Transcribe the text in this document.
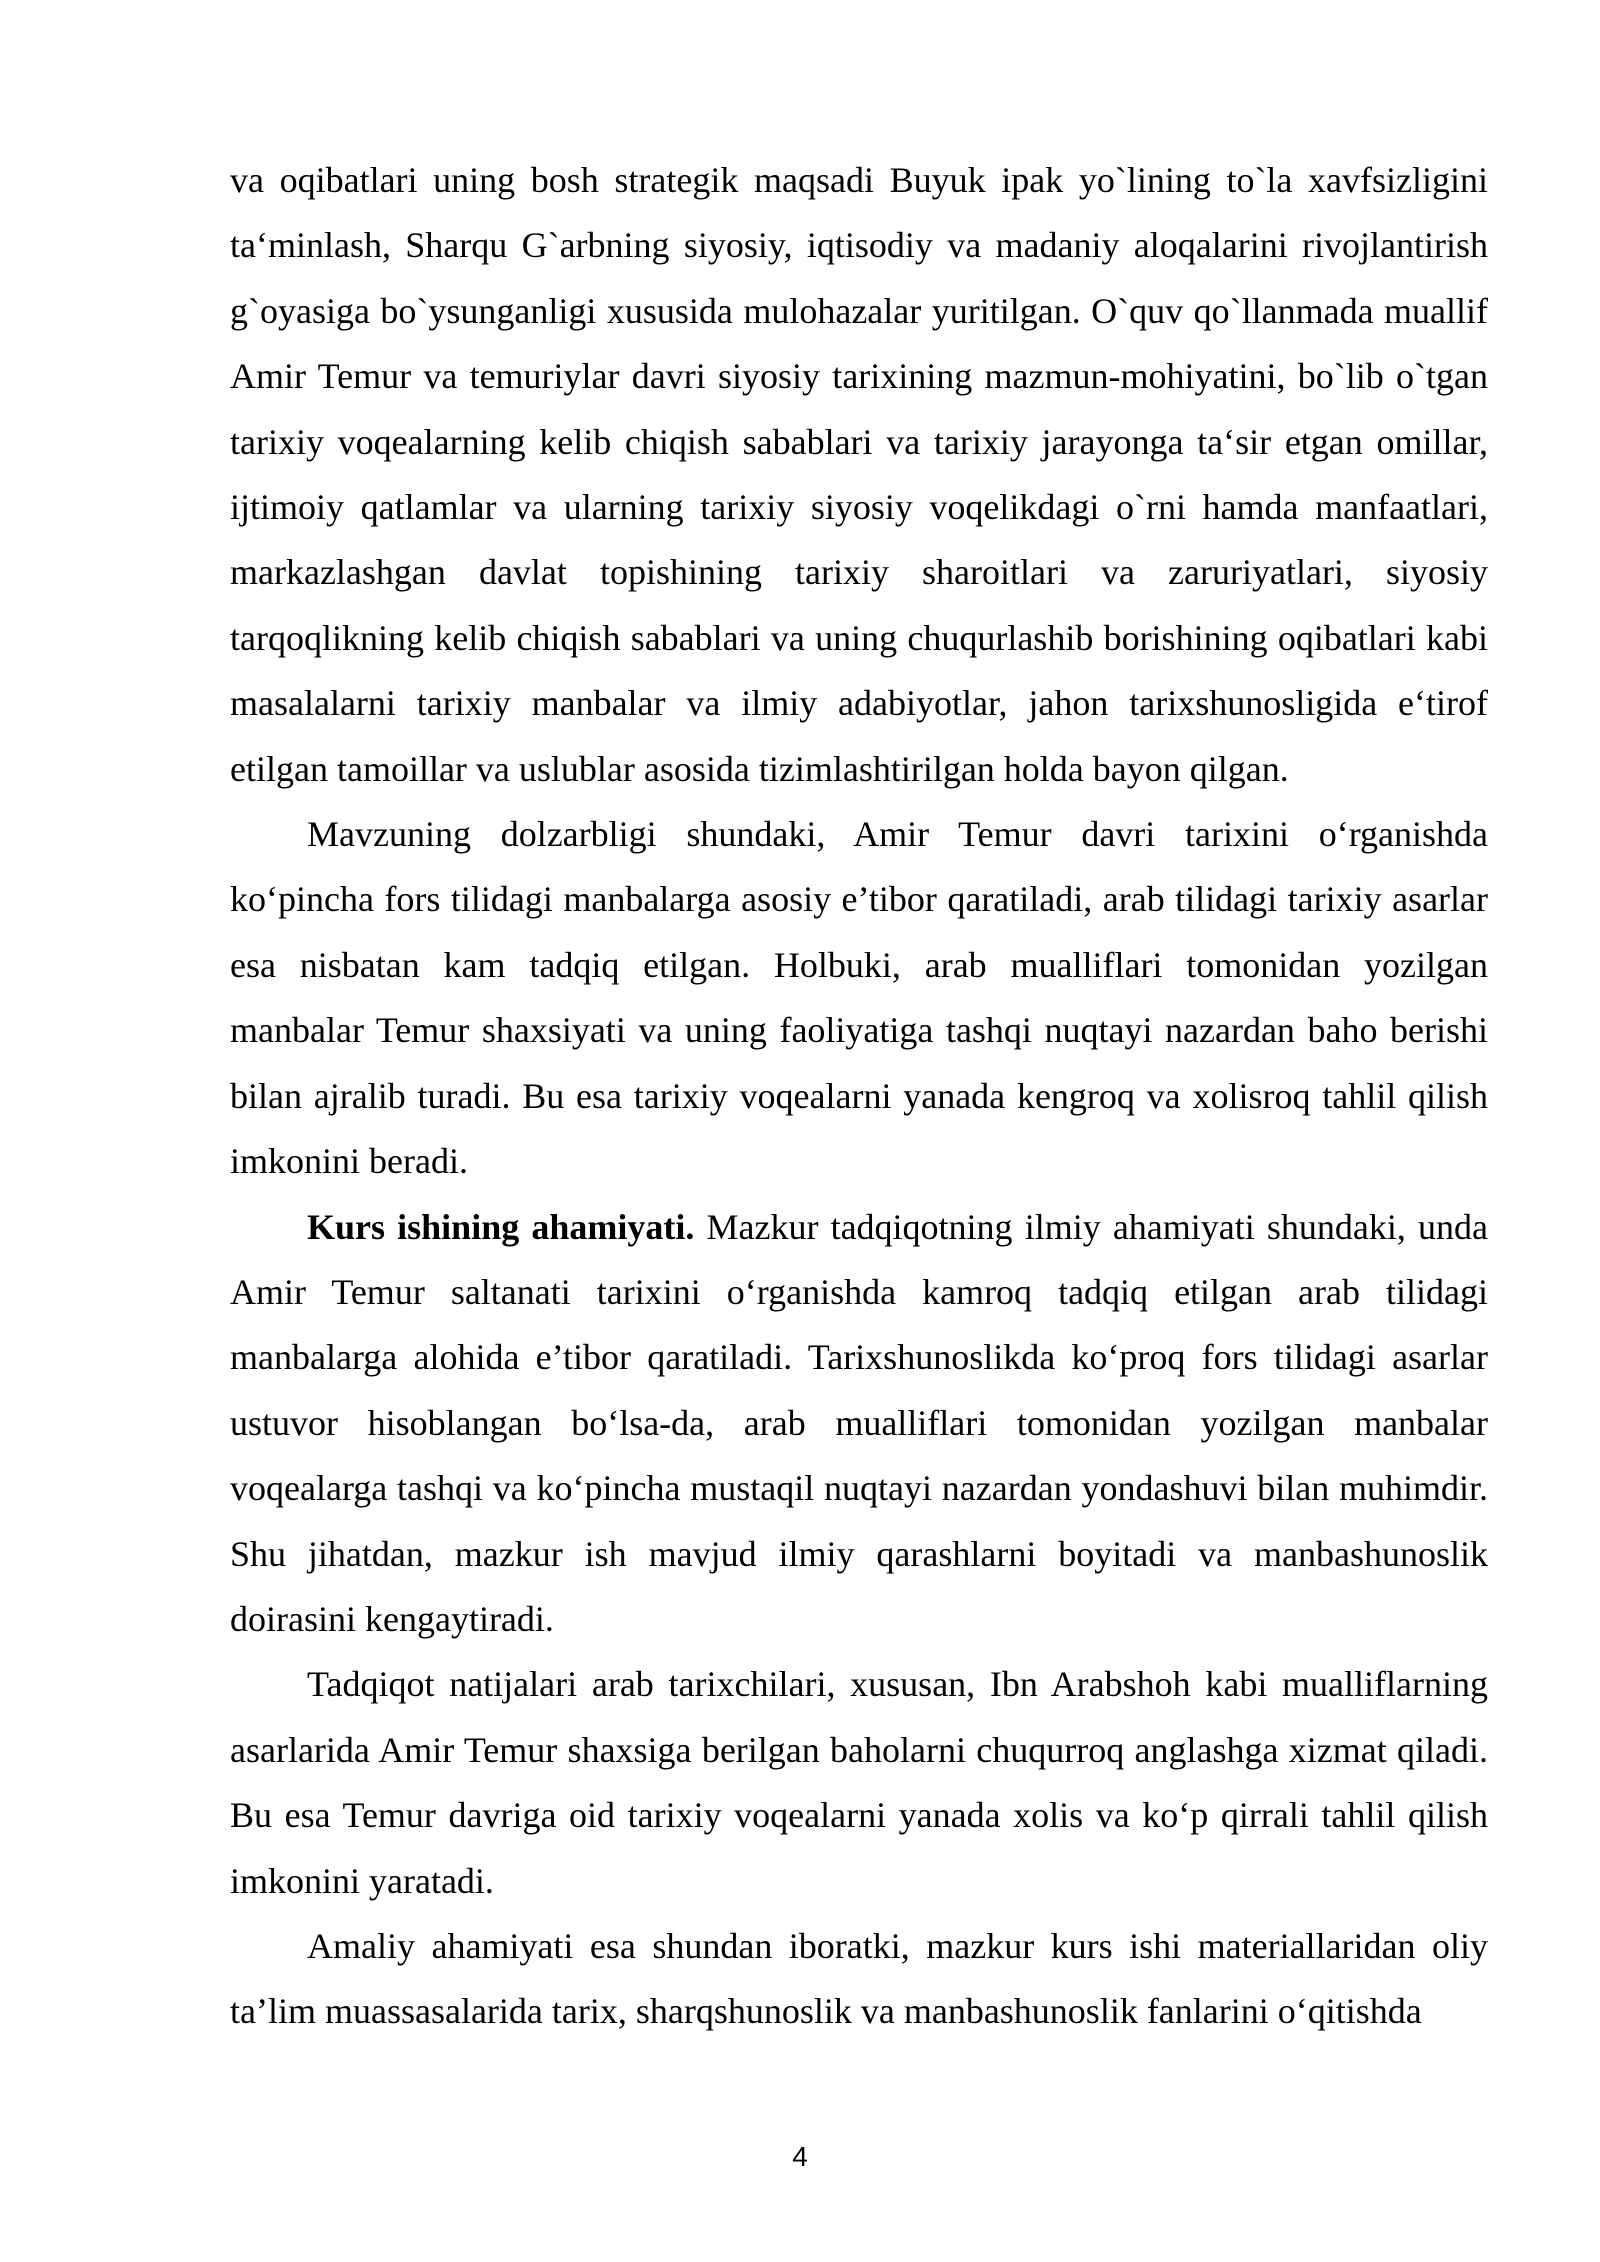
va oqibatlari uning bosh strategik maqsadi Buyuk ipak yo`lining to`la xavfsizligini taʻminlash, Sharqu G`arbning siyosiy, iqtisodiy va madaniy aloqalarini rivojlantirish g`oyasiga bo`ysunganligi xususida mulohazalar yuritilgan. O`quv qo`llanmada muallif Amir Temur va temuriylar davri siyosiy tarixining mazmun-mohiyatini, bo`lib o`tgan tarixiy voqealarning kelib chiqish sabablari va tarixiy jarayonga taʻsir etgan omillar, ijtimoiy qatlamlar va ularning tarixiy siyosiy voqelikdagi o`rni hamda manfaatlari, markazlashgan davlat topishining tarixiy sharoitlari va zaruriyatlari, siyosiy tarqoqlikning kelib chiqish sabablari va uning chuqurlashib borishining oqibatlari kabi masalalarni tarixiy manbalar va ilmiy adabiyotlar, jahon tarixshunosligida eʻtirof etilgan tamoillar va uslublar asosida tizimlashtirilgan holda bayon qilgan.

Mavzuning dolzarbligi shundaki, Amir Temur davri tarixini oʻrganishda koʻpincha fors tilidagi manbalarga asosiy e’tibor qaratiladi, arab tilidagi tarixiy asarlar esa nisbatan kam tadqiq etilgan. Holbuki, arab mualliflari tomonidan yozilgan manbalar Temur shaxsiyati va uning faoliyatiga tashqi nuqtayi nazardan baho berishi bilan ajralib turadi. Bu esa tarixiy voqealarni yanada kengroq va xolisroq tahlil qilish imkonini beradi.

Kurs ishining ahamiyati. Mazkur tadqiqotning ilmiy ahamiyati shundaki, unda Amir Temur saltanati tarixini oʻrganishda kamroq tadqiq etilgan arab tilidagi manbalarga alohida e’tibor qaratiladi. Tarixshunoslikda koʻproq fors tilidagi asarlar ustuvor hisoblangan boʻlsa-da, arab mualliflari tomonidan yozilgan manbalar voqealarga tashqi va koʻpincha mustaqil nuqtayi nazardan yondashuvi bilan muhimdir. Shu jihatdan, mazkur ish mavjud ilmiy qarashlarni boyitadi va manbashunoslik doirasini kengaytiradi.

Tadqiqot natijalari arab tarixchilari, xususan, Ibn Arabshoh kabi mualliflarning asarlarida Amir Temur shaxsiga berilgan baholarni chuqurroq anglashga xizmat qiladi. Bu esa Temur davriga oid tarixiy voqealarni yanada xolis va koʻp qirrali tahlil qilish imkonini yaratadi.

Amaliy ahamiyati esa shundan iboratki, mazkur kurs ishi materiallaridan oliy ta’lim muassasalarida tarix, sharqshunoslik va manbashunoslik fanlarini oʻqitishda

4
